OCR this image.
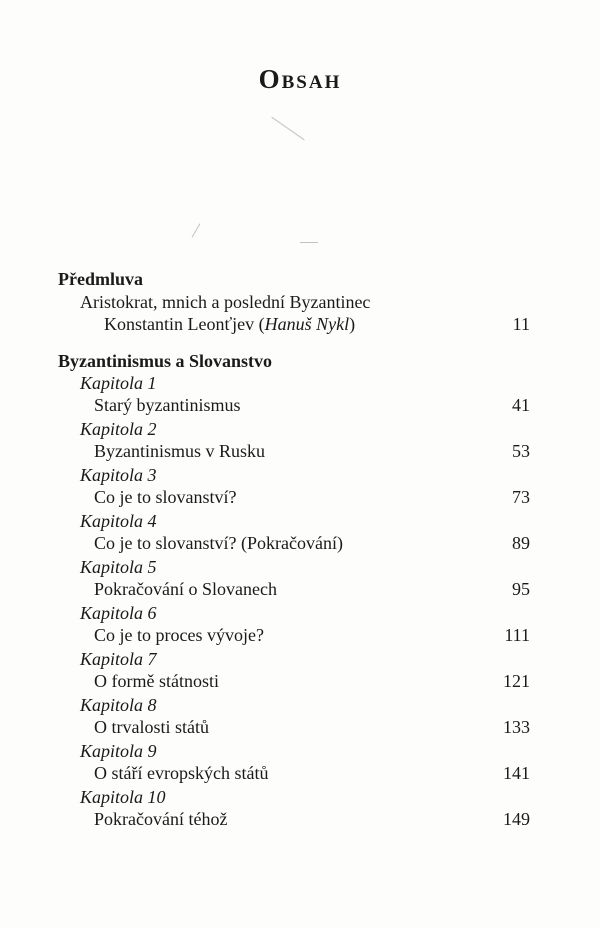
Obsah
Předmluva
Aristokrat, mnich a poslední Byzantinec
Konstantin Leonťjev (Hanuš Nykl)	11
Byzantinismus a Slovanstvo
Kapitola 1
Starý byzantinismus	41
Kapitola 2
Byzantinismus v Rusku	53
Kapitola 3
Co je to slovanství?	73
Kapitola 4
Co je to slovanství? (Pokračování)	89
Kapitola 5
Pokračování o Slovanech	95
Kapitola 6
Co je to proces vývoje?	111
Kapitola 7
O formě státnosti	121
Kapitola 8
O trvalosti států	133
Kapitola 9
O stáří evropských států	141
Kapitola 10
Pokračování téhož	149
